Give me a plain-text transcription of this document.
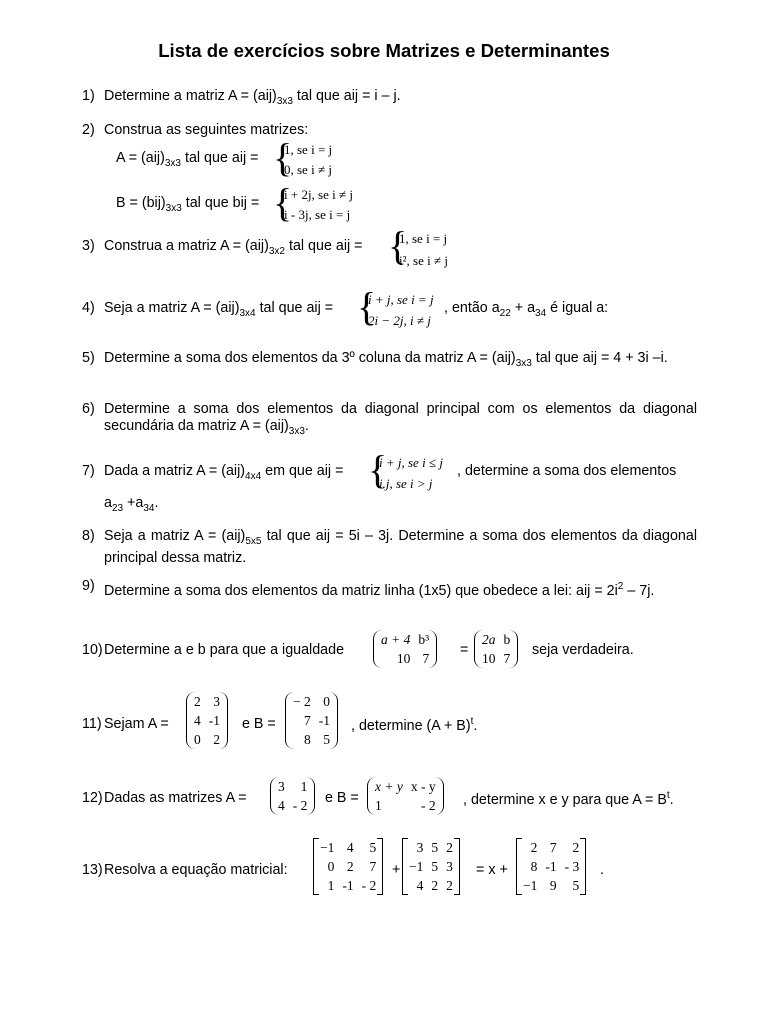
Lista de exercícios sobre Matrizes e Determinantes
1) Determine a matriz $A = (aij)_{3x3}$ tal que aij = i – j.
2) Construa as seguintes matrizes:
$A = (aij)_{3x3}$ tal que aij = {
1, se i = j
0, se i ≠ j
$B = (bij)_{3x3}$ tal que bij = {
i + 2j, se i ≠ j
i - 3j, se i = j
3) Construa a matriz $A = (aij)_{3x2}$ tal que aij = {
1, se i = j
i², se i ≠ j
4) Seja a matriz $A = (aij)_{3x4}$ tal que aij = {
i + j, se i = j
2i − 2j, i ≠ j
, então $a_{22} + a_{34}$ é igual a:
5) Determine a soma dos elementos da 3º coluna da matriz $A = (aij)_{3x3}$ tal que aij = 4 + 3i –i.
6) Determine a soma dos elementos da diagonal principal com os elementos da diagonal secundária da matriz $A = (aij)_{3x3}$.
7) Dada a matriz $A = (aij)_{4x4}$ em que aij = {
i + j, se i ≤ j
i.j, se i > j
, determine a soma dos elementos
$a_{23} +a_{34}$.
8) Seja a matriz $A = (aij)_{5x5}$ tal que aij = 5i – 3j. Determine a soma dos elementos da diagonal principal dessa matriz.
9) Determine a soma dos elementos da matriz linha (1x5) que obedece a lei: aij = $2i^2 - 7j$.
10) Determine a e b para que a igualdade
a + 4	b³
10	7
=
2a	b
10	7
seja verdadeira.
11) Sejam A =
2	3
4	-1
0	2
e B =
− 2	0
7	-1
8	5
, determine $(A + B)^t$.
12) Dadas as matrizes A =
3	1
4	- 2 e B =
x + y	x - y
1	- 2 , determine x e y para que $A = B^t$.
13) Resolva a equação matricial:
−1	4	5
0	2	7
1	-1	- 2
+
3	5	2
−1	5	3
4	2	2
= x +
2	7	2
8	-1	- 3
−1	9	5
.
